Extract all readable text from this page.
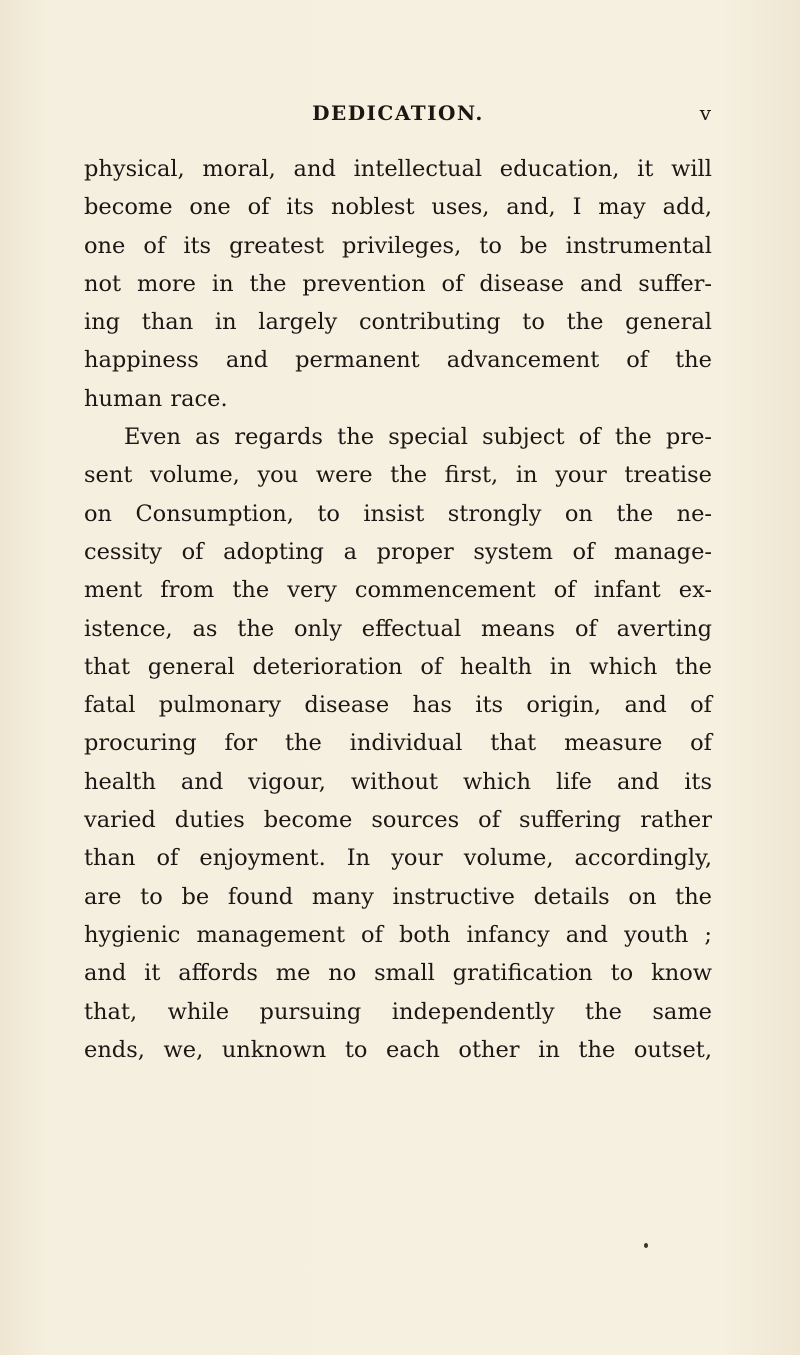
DEDICATION.	v
physical, moral, and intellectual education, it will
become one of its noblest uses, and, I may add,
one of its greatest privileges, to be instrumental
not more in the prevention of disease and suffer-
ing than in largely contributing to the general
happiness and permanent advancement of the
human race.
Even as regards the special subject of the pre-
sent volume, you were the first, in your treatise
on Consumption, to insist strongly on the ne-
cessity of adopting a proper system of manage-
ment from the very commencement of infant ex-
istence, as the only effectual means of averting
that general deterioration of health in which the
fatal pulmonary disease has its origin, and of
procuring for the individual that measure of
health and vigour, without which life and its
varied duties become sources of suffering rather
than of enjoyment. In your volume, accordingly,
are to be found many instructive details on the
hygienic management of both infancy and youth ;
and it affords me no small gratification to know
that, while pursuing independently the same
ends, we, unknown to each other in the outset,
